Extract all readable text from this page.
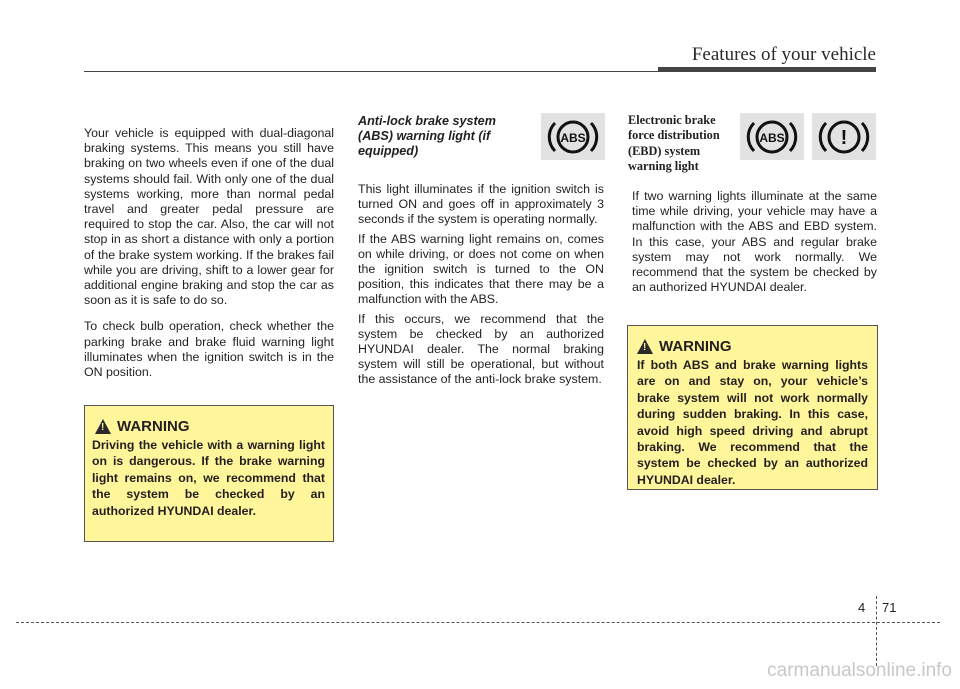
Features of your vehicle

Your vehicle is equipped with dual-diagonal braking systems. This means you still have braking on two wheels even if one of the dual systems should fail. With only one of the dual systems working, more than normal pedal travel and greater pedal pressure are required to stop the car. Also, the car will not stop in as short a distance with only a portion of the brake system working. If the brakes fail while you are driving, shift to a lower gear for additional engine braking and stop the car as soon as it is safe to do so.

To check bulb operation, check whether the parking brake and brake fluid warning light illuminates when the ignition switch is in the ON position.

! WARNING
Driving the vehicle with a warning light on is dangerous. If the brake warning light remains on, we recommend that the system be checked by an authorized HYUNDAI dealer.
Anti-lock brake system (ABS) warning light (if equipped)
ABS

This light illuminates if the ignition switch is turned ON and goes off in approximately 3 seconds if the system is operating normally.

If the ABS warning light remains on, comes on while driving, or does not come on when the ignition switch is turned to the ON position, this indicates that there may be a malfunction with the ABS.

If this occurs, we recommend that the system be checked by an authorized HYUNDAI dealer. The normal braking system will still be operational, but without the assistance of the anti-lock brake system.

Electronic brake force distribution (EBD) system warning light
ABS	!

If two warning lights illuminate at the same time while driving, your vehicle may have a malfunction with the ABS and EBD system. In this case, your ABS and regular brake system may not work normally. We recommend that the system be checked by an authorized HYUNDAI dealer.

! WARNING
If both ABS and brake warning lights are on and stay on, your vehicle’s brake system will not work normally during sudden braking. In this case, avoid high speed driving and abrupt braking. We recommend that the system be checked by an authorized HYUNDAI dealer.
4 71
carmanualsonline.info
